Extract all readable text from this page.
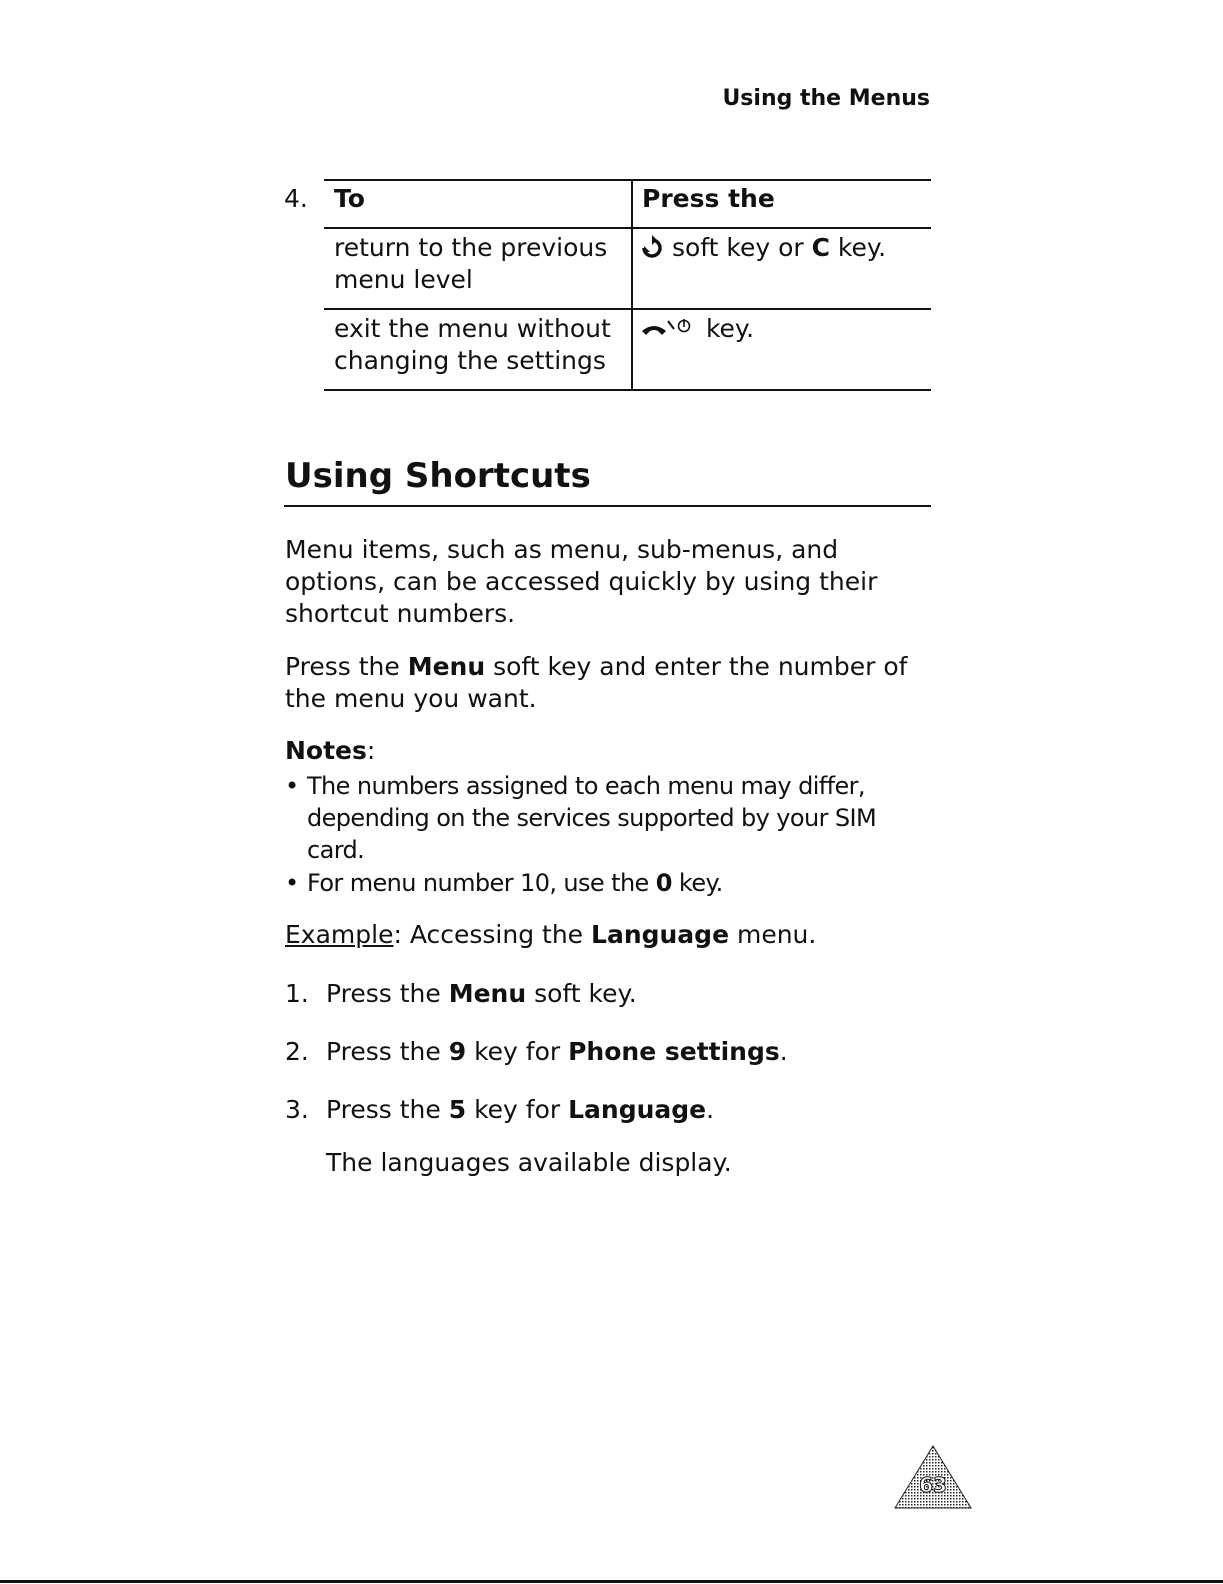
Using the Menus
4. To	Press the
return to the previous
menu level
soft key or C key.
exit the menu without
changing the settings
key.
Using Shortcuts
Menu items, such as menu, sub-menus, and
options, can be accessed quickly by using their
shortcut numbers.
Press the Menu soft key and enter the number of
the menu you want.
Notes:
• The numbers assigned to each menu may differ,
depending on the services supported by your SIM
card.
• For menu number 10, use the 0 key.
Example: Accessing the Language menu.
1. Press the Menu soft key.
2. Press the 9 key for Phone settings.
3. Press the 5 key for Language.
The languages available display.
63
